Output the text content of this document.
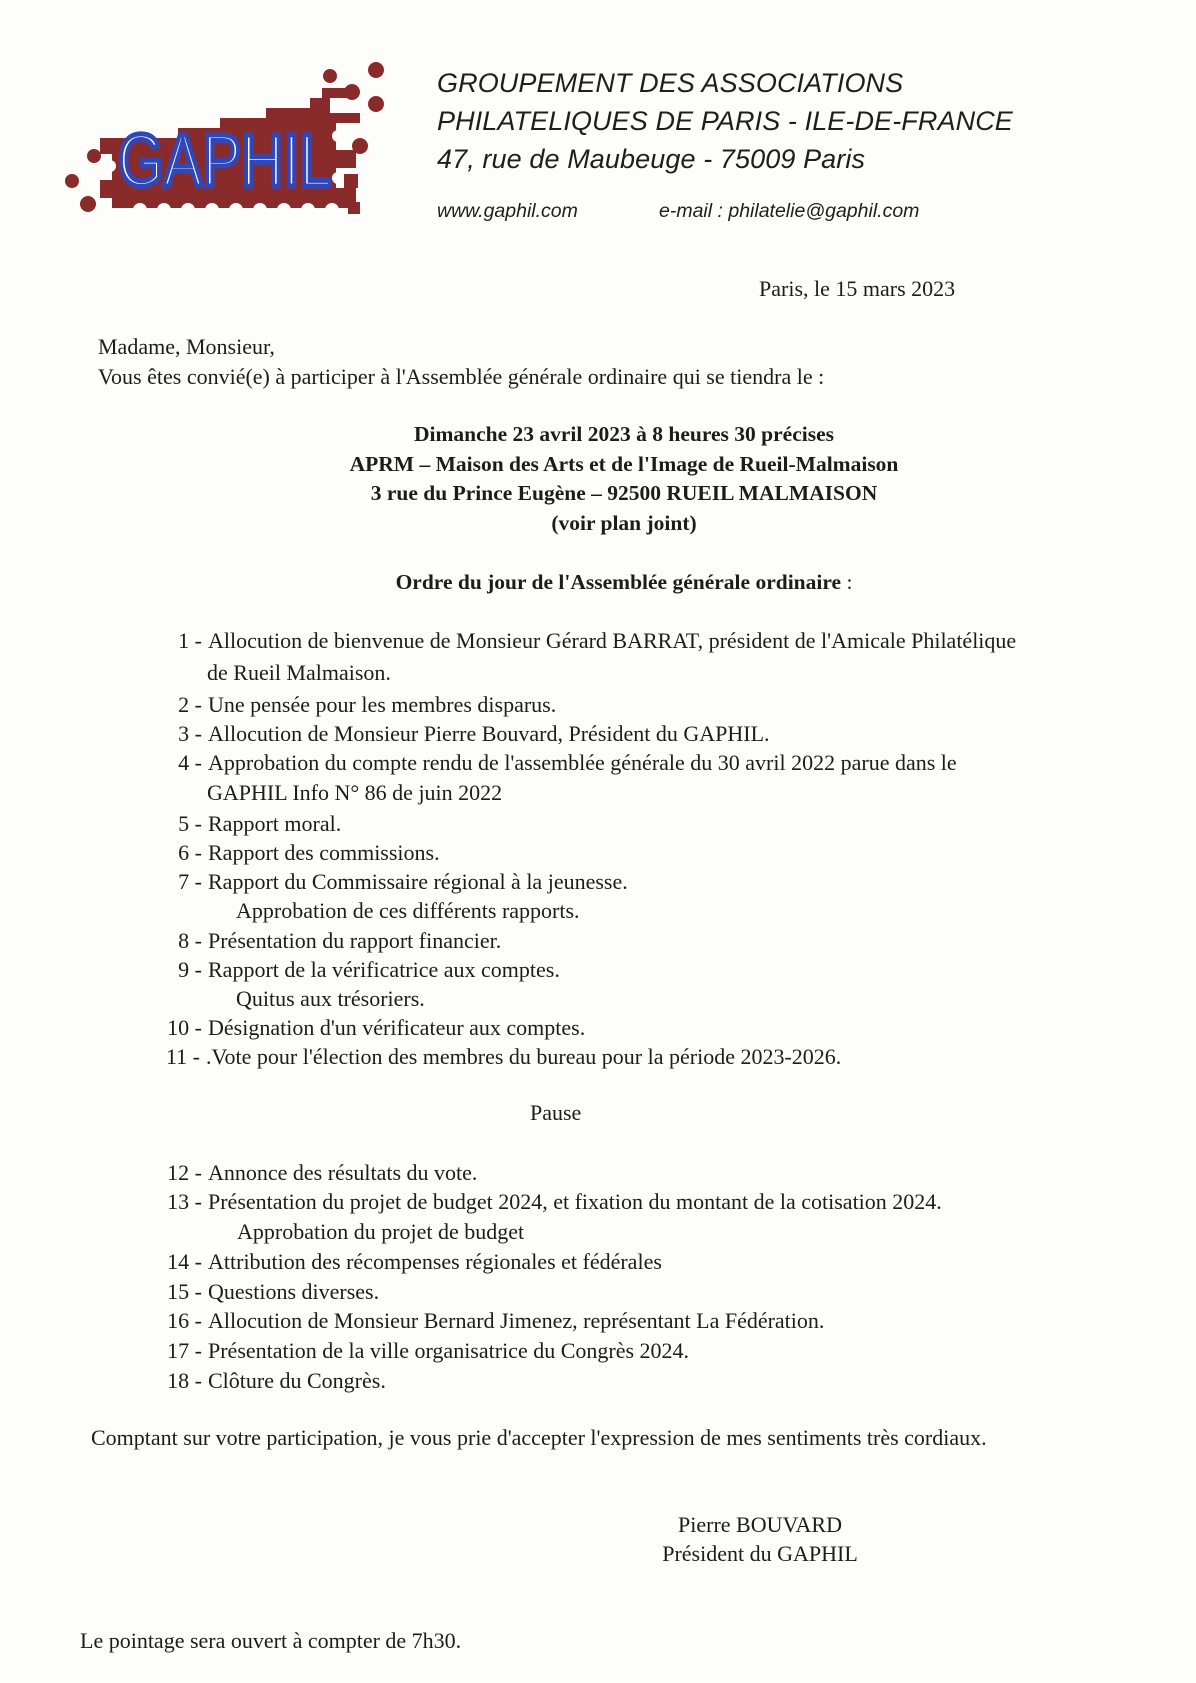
GAPHIL
GROUPEMENT DES ASSOCIATIONS
PHILATELIQUES DE PARIS - ILE-DE-FRANCE
47, rue de Maubeuge - 75009 Paris
www.gaphil.com	e-mail : philatelie@gaphil.com
Paris, le 15 mars 2023
Madame, Monsieur,
Vous êtes convié(e) à participer à l'Assemblée générale ordinaire qui se tiendra le :
Dimanche 23 avril 2023 à 8 heures 30 précises
APRM – Maison des Arts et de l'Image de Rueil-Malmaison
3 rue du Prince Eugène – 92500 RUEIL MALMAISON
(voir plan joint)
Ordre du jour de l'Assemblée générale ordinaire :
1 - Allocution de bienvenue de Monsieur Gérard BARRAT, président de l'Amicale Philatélique
de Rueil Malmaison.
2 - Une pensée pour les membres disparus.
3 - Allocution de Monsieur Pierre Bouvard, Président du GAPHIL.
4 - Approbation du compte rendu de l'assemblée générale du 30 avril 2022 parue dans le
GAPHIL Info N° 86 de juin 2022
5 - Rapport moral.
6 - Rapport des commissions.
7 - Rapport du Commissaire régional à la jeunesse.
Approbation de ces différents rapports.
8 - Présentation du rapport financier.
9 - Rapport de la vérificatrice aux comptes.
Quitus aux trésoriers.
10 - Désignation d'un vérificateur aux comptes.
11 - .Vote pour l'élection des membres du bureau pour la période 2023-2026.
Pause
12 - Annonce des résultats du vote.
13 - Présentation du projet de budget 2024, et fixation du montant de la cotisation 2024.
Approbation du projet de budget
14 - Attribution des récompenses régionales et fédérales
15 - Questions diverses.
16 - Allocution de Monsieur Bernard Jimenez, représentant La Fédération.
17 - Présentation de la ville organisatrice du Congrès 2024.
18 - Clôture du Congrès.
Comptant sur votre participation, je vous prie d'accepter l'expression de mes sentiments très cordiaux.
Pierre BOUVARD
Président du GAPHIL
Le pointage sera ouvert à compter de 7h30.
